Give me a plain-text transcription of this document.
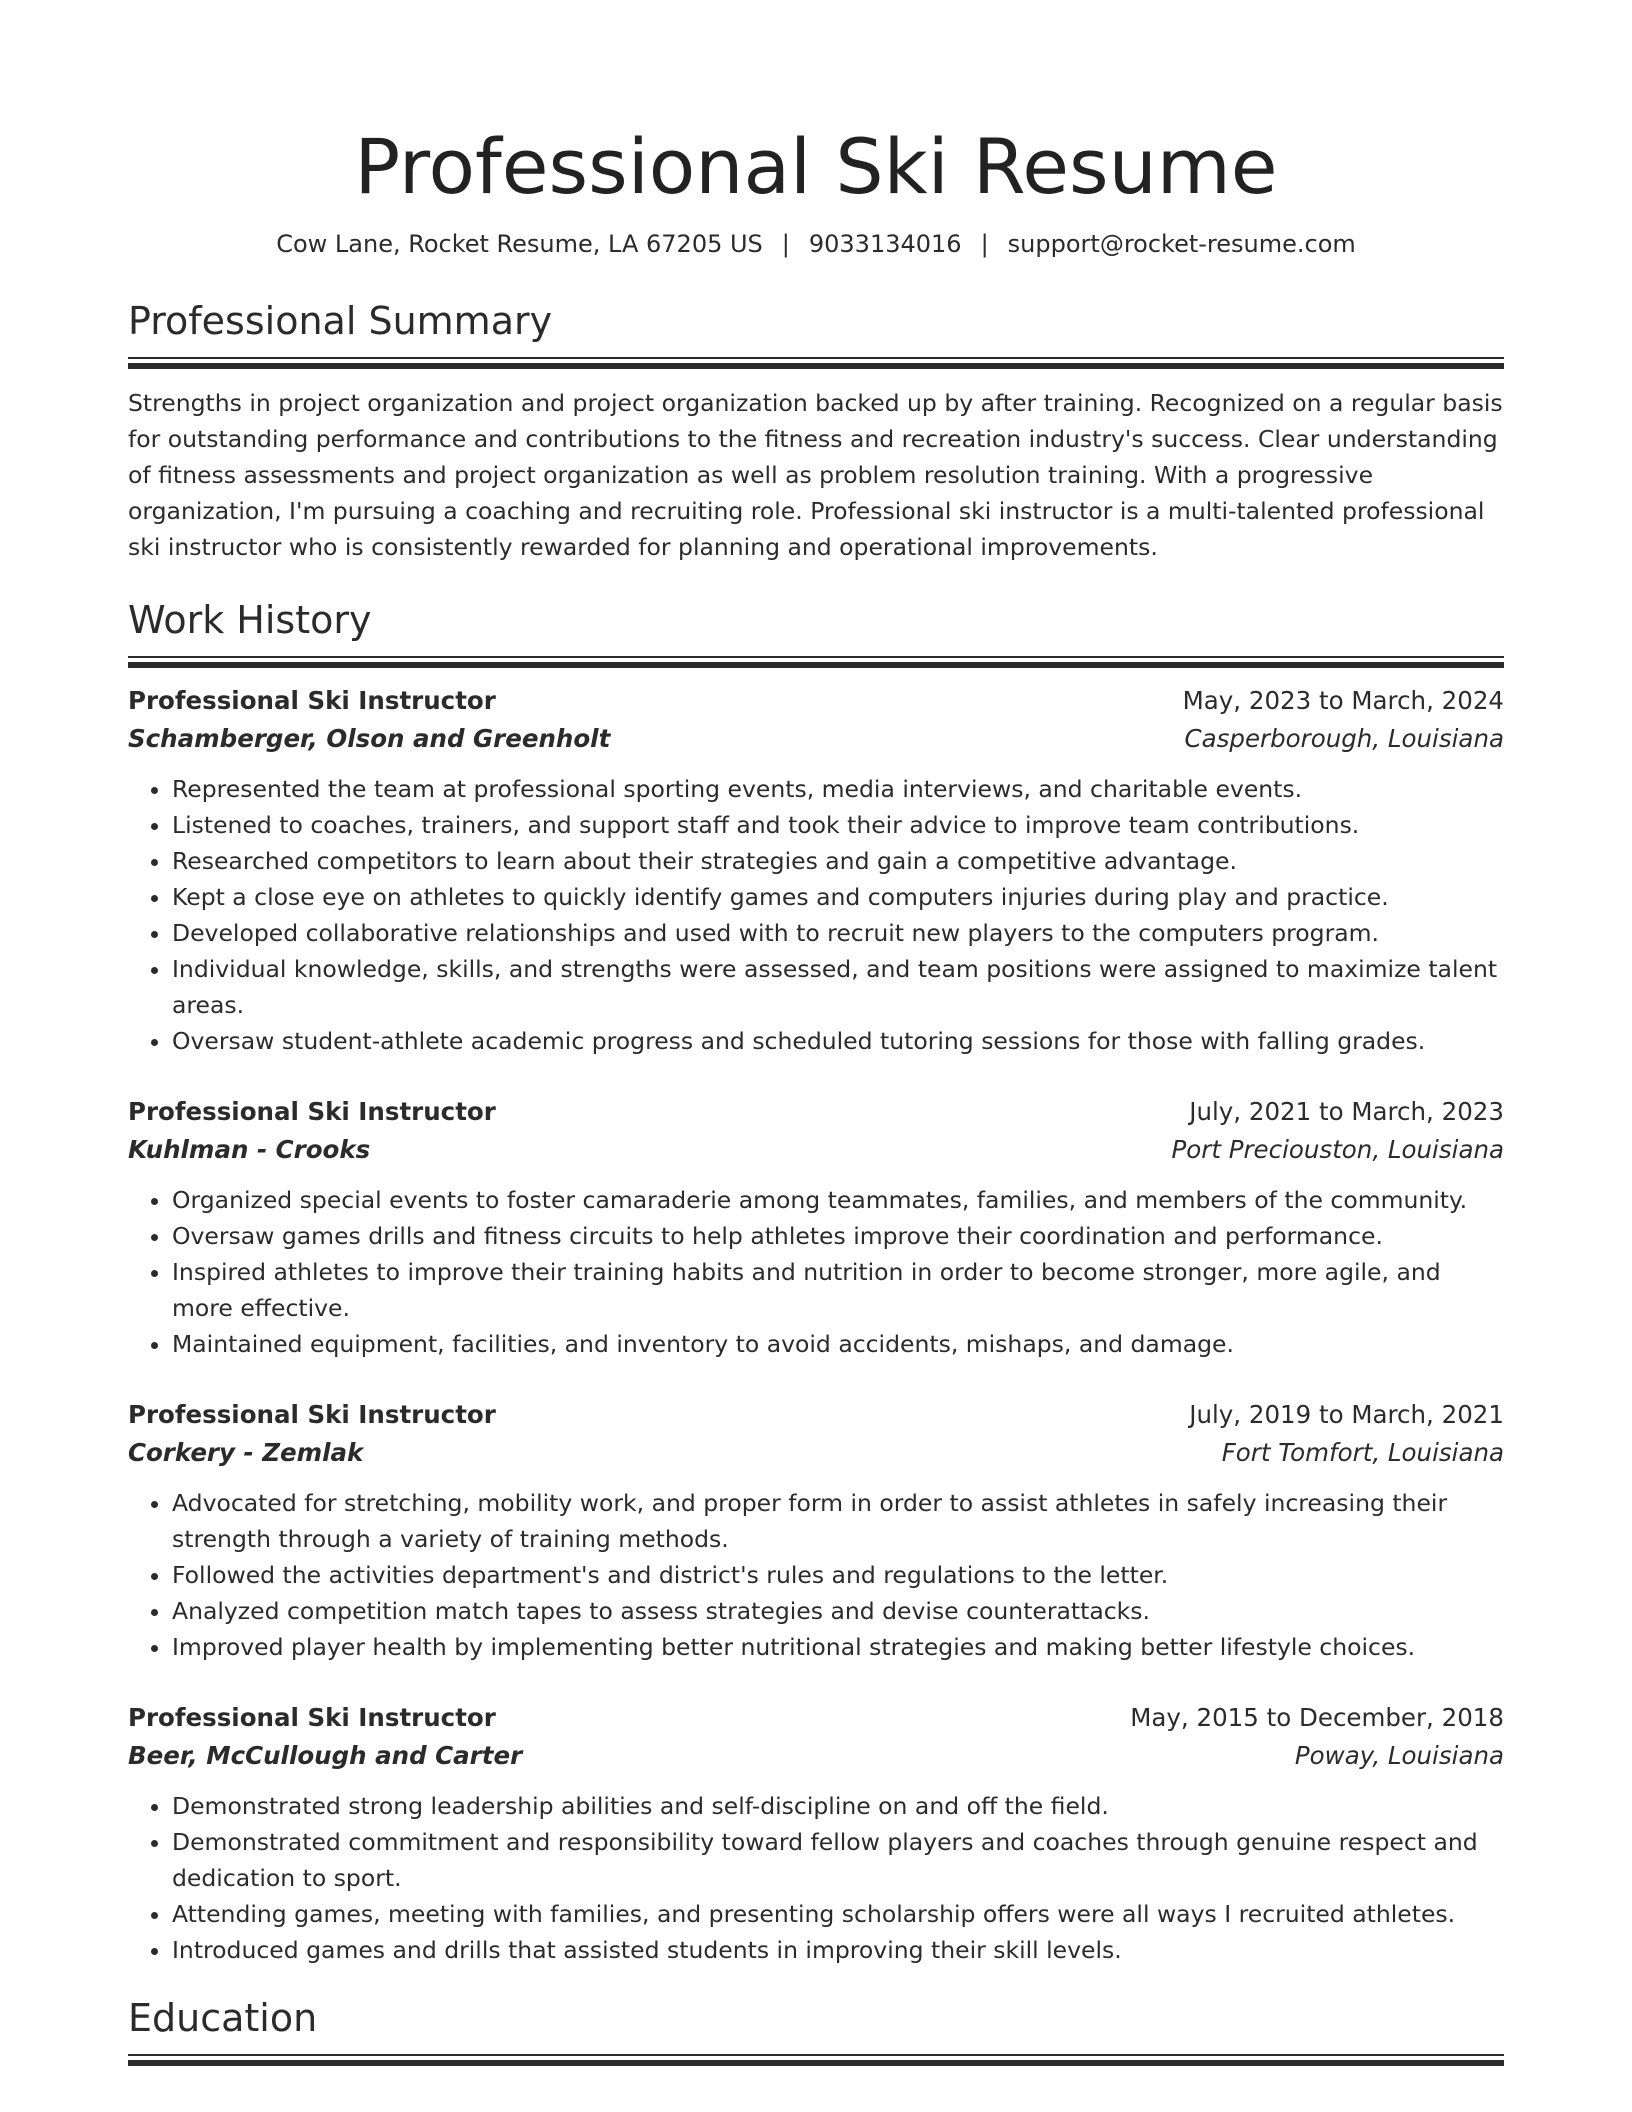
Professional Ski Resume
Cow Lane, Rocket Resume, LA 67205 US | 9033134016 | support@rocket-resume.com
Professional Summary
Strengths in project organization and project organization backed up by after training. Recognized on a regular basis for outstanding performance and contributions to the fitness and recreation industry's success. Clear understanding of fitness assessments and project organization as well as problem resolution training. With a progressive organization, I'm pursuing a coaching and recruiting role. Professional ski instructor is a multi-talented professional ski instructor who is consistently rewarded for planning and operational improvements.
Work History
Professional Ski Instructor	May, 2023 to March, 2024
Schamberger, Olson and Greenholt	Casperborough, Louisiana
• Represented the team at professional sporting events, media interviews, and charitable events.
• Listened to coaches, trainers, and support staff and took their advice to improve team contributions.
• Researched competitors to learn about their strategies and gain a competitive advantage.
• Kept a close eye on athletes to quickly identify games and computers injuries during play and practice.
• Developed collaborative relationships and used with to recruit new players to the computers program.
• Individual knowledge, skills, and strengths were assessed, and team positions were assigned to maximize talent areas.
• Oversaw student-athlete academic progress and scheduled tutoring sessions for those with falling grades.
Professional Ski Instructor	July, 2021 to March, 2023
Kuhlman - Crooks	Port Preciouston, Louisiana
• Organized special events to foster camaraderie among teammates, families, and members of the community.
• Oversaw games drills and fitness circuits to help athletes improve their coordination and performance.
• Inspired athletes to improve their training habits and nutrition in order to become stronger, more agile, and more effective.
• Maintained equipment, facilities, and inventory to avoid accidents, mishaps, and damage.
Professional Ski Instructor	July, 2019 to March, 2021
Corkery - Zemlak	Fort Tomfort, Louisiana
• Advocated for stretching, mobility work, and proper form in order to assist athletes in safely increasing their strength through a variety of training methods.
• Followed the activities department's and district's rules and regulations to the letter.
• Analyzed competition match tapes to assess strategies and devise counterattacks.
• Improved player health by implementing better nutritional strategies and making better lifestyle choices.
Professional Ski Instructor	May, 2015 to December, 2018
Beer, McCullough and Carter	Poway, Louisiana
• Demonstrated strong leadership abilities and self-discipline on and off the field.
• Demonstrated commitment and responsibility toward fellow players and coaches through genuine respect and dedication to sport.
• Attending games, meeting with families, and presenting scholarship offers were all ways I recruited athletes.
• Introduced games and drills that assisted students in improving their skill levels.
Education
